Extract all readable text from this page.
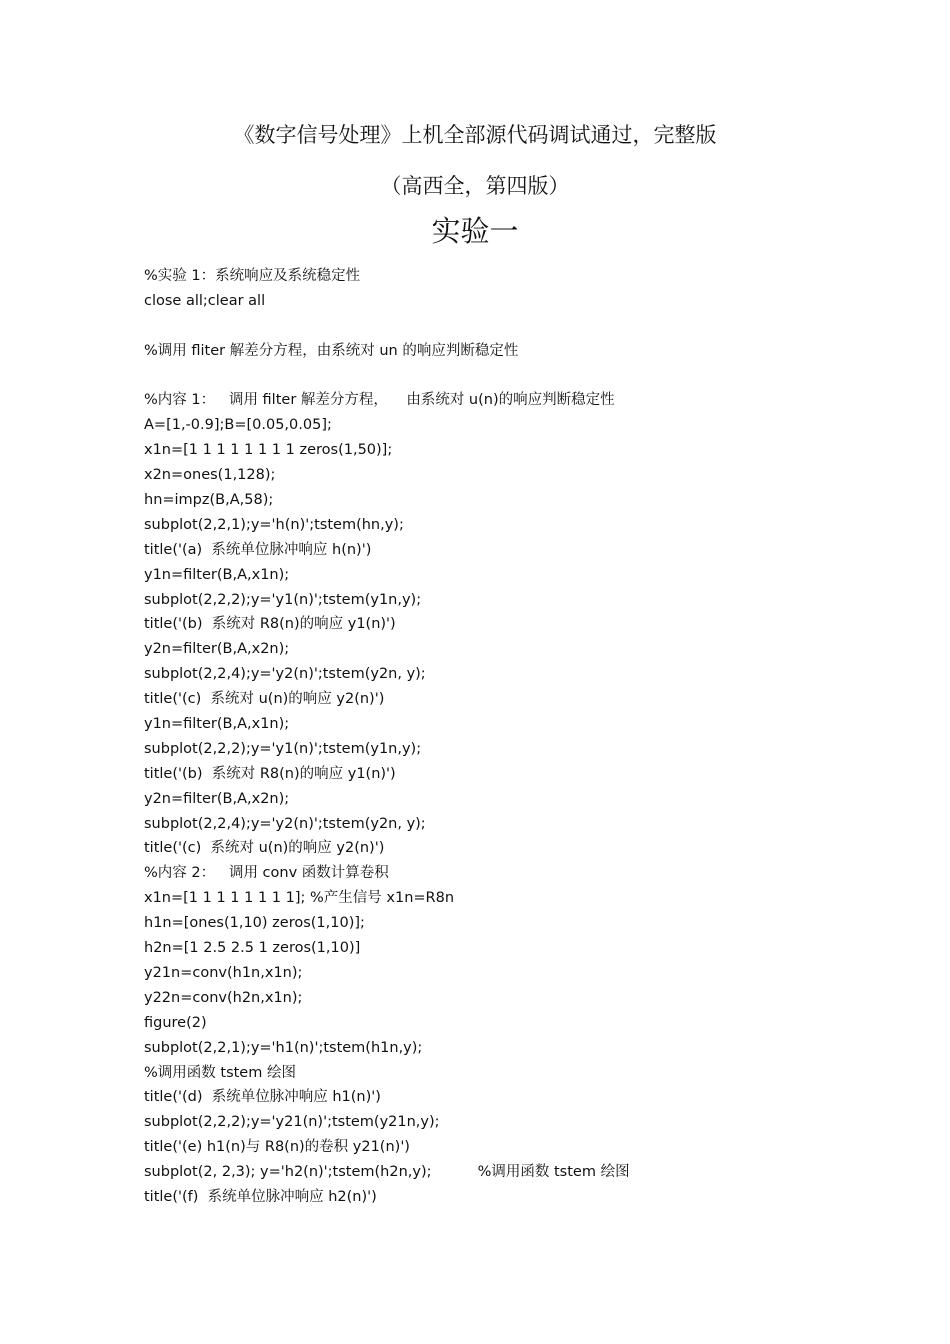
《数字信号处理》上机全部源代码调试通过，完整版
（高西全，第四版）
实验一
%实验 1：系统响应及系统稳定性
close all;clear all
%调用 fliter 解差分方程，由系统对 un 的响应判断稳定性
%内容 1：   调用 filter 解差分方程，    由系统对 u(n)的响应判断稳定性
A=[1,-0.9];B=[0.05,0.05];
x1n=[1 1 1 1 1 1 1 1 zeros(1,50)];
x2n=ones(1,128);
hn=impz(B,A,58);
subplot(2,2,1);y='h(n)';tstem(hn,y);
title('(a)  系统单位脉冲响应 h(n)')
y1n=filter(B,A,x1n);
subplot(2,2,2);y='y1(n)';tstem(y1n,y);
title('(b)  系统对 R8(n)的响应 y1(n)')
y2n=filter(B,A,x2n);
subplot(2,2,4);y='y2(n)';tstem(y2n, y);
title('(c)  系统对 u(n)的响应 y2(n)')
y1n=filter(B,A,x1n);
subplot(2,2,2);y='y1(n)';tstem(y1n,y);
title('(b)  系统对 R8(n)的响应 y1(n)')
y2n=filter(B,A,x2n);
subplot(2,2,4);y='y2(n)';tstem(y2n, y);
title('(c)  系统对 u(n)的响应 y2(n)')
%内容 2：   调用 conv 函数计算卷积
x1n=[1 1 1 1 1 1 1 1]; %产生信号 x1n=R8n
h1n=[ones(1,10) zeros(1,10)];
h2n=[1 2.5 2.5 1 zeros(1,10)]
y21n=conv(h1n,x1n);
y22n=conv(h2n,x1n);
figure(2)
subplot(2,2,1);y='h1(n)';tstem(h1n,y);
%调用函数 tstem 绘图
title('(d)  系统单位脉冲响应 h1(n)')
subplot(2,2,2);y='y21(n)';tstem(y21n,y);
title('(e) h1(n)与 R8(n)的卷积 y21(n)')
subplot(2, 2,3); y='h2(n)';tstem(h2n,y);          %调用函数 tstem 绘图
title('(f)  系统单位脉冲响应 h2(n)')
